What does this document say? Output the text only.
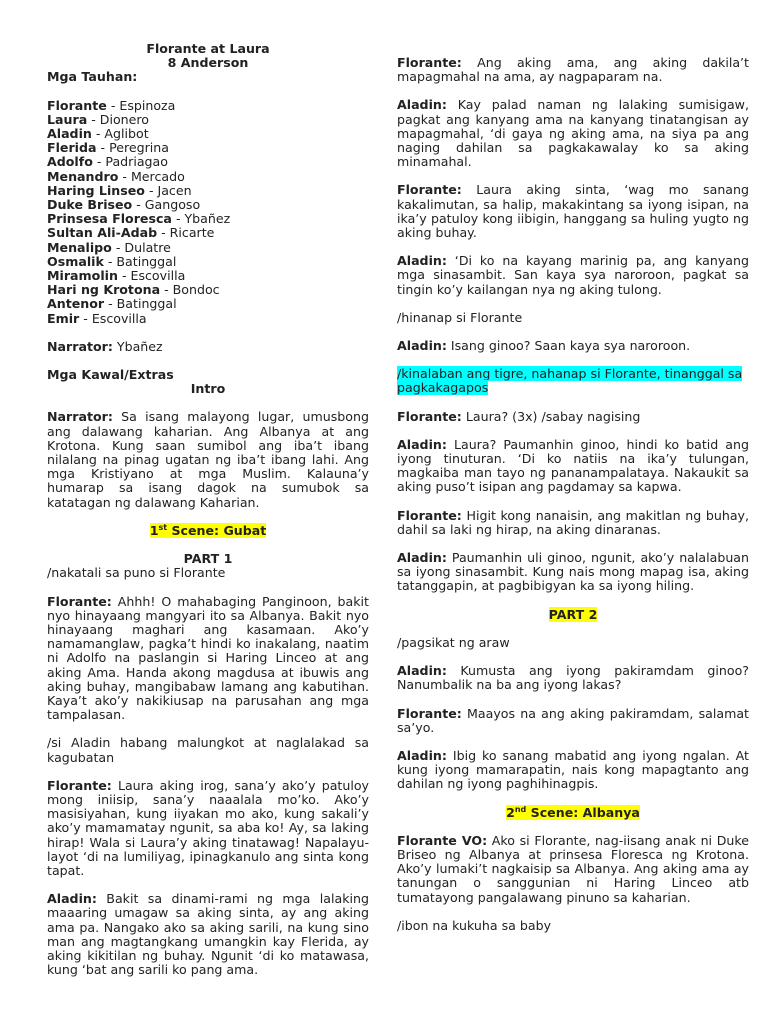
Florante at Laura
8 Anderson
Mga Tauhan:
Florante - Espinoza
Laura - Dionero
Aladin - Aglibot
Flerida - Peregrina
Adolfo - Padriagao
Menandro - Mercado
Haring Linseo - Jacen
Duke Briseo - Gangoso
Prinsesa Floresca - Ybañez
Sultan Ali-Adab - Ricarte
Menalipo - Dulatre
Osmalik - Batinggal
Miramolin - Escovilla
Hari ng Krotona - Bondoc
Antenor - Batinggal
Emir - Escovilla
Narrator: Ybañez
Mga Kawal/Extras
Intro
Narrator: Sa isang malayong lugar, umusbong ang dalawang kaharian. Ang Albanya at ang Krotona. Kung saan sumibol ang iba’t ibang nilalang na pinag ugatan ng iba’t ibang lahi. Ang mga Kristiyano at mga Muslim. Kalauna’y humarap sa isang dagok na sumubok sa katatagan ng dalawang Kaharian.
1st Scene: Gubat
PART 1
/nakatali sa puno si Florante
Florante: Ahhh! O mahabaging Panginoon, bakit nyo hinayaang mangyari ito sa Albanya. Bakit nyo hinayaang maghari ang kasamaan. Ako’y namamanglaw, pagka’t hindi ko inakalang, naatim ni Adolfo na paslangin si Haring Linceo at ang aking Ama. Handa akong magdusa at ibuwis ang aking buhay, mangibabaw lamang ang kabutihan. Kaya’t ako’y nakikiusap na parusahan ang mga tampalasan.
/si Aladin habang malungkot at naglalakad sa kagubatan
Florante: Laura aking irog, sana’y ako’y patuloy mong iniisip, sana’y naaalala mo’ko. Ako’y masisiyahan, kung iiyakan mo ako, kung sakali’y ako’y mamamatay ngunit, sa aba ko! Ay, sa laking hirap! Wala si Laura’y aking tinatawag! Napalayu-layot ‘di na lumiliyag, ipinagkanulo ang sinta kong tapat.
Aladin: Bakit sa dinami-rami ng mga lalaking maaaring umagaw sa aking sinta, ay ang aking ama pa. Nangako ako sa aking sarili, na kung sino man ang magtangkang umangkin kay Flerida, ay aking kikitilan ng buhay. Ngunit ‘di ko matawasa, kung ‘bat ang sarili ko pang ama.
Florante: Ang aking ama, ang aking dakila’t mapagmahal na ama, ay nagpaparam na.
Aladin: Kay palad naman ng lalaking sumisigaw, pagkat ang kanyang ama na kanyang tinatangisan ay mapagmahal, ‘di gaya ng aking ama, na siya pa ang naging dahilan sa pagkakawalay ko sa aking minamahal.
Florante: Laura aking sinta, ‘wag mo sanang kakalimutan, sa halip, makakintang sa iyong isipan, na ika’y patuloy kong iibigin, hanggang sa huling yugto ng aking buhay.
Aladin: ‘Di ko na kayang marinig pa, ang kanyang mga sinasambit. San kaya sya naroroon, pagkat sa tingin ko’y kailangan nya ng aking tulong.
/hinanap si Florante
Aladin: Isang ginoo? Saan kaya sya naroroon.
/kinalaban ang tigre, nahanap si Florante, tinanggal sa pagkakagapos
Florante: Laura? (3x) /sabay nagising
Aladin: Laura? Paumanhin ginoo, hindi ko batid ang iyong tinuturan. ‘Di ko natiis na ika’y tulungan, magkaiba man tayo ng pananampalataya. Nakaukit sa aking puso’t isipan ang pagdamay sa kapwa.
Florante: Higit kong nanaisin, ang makitlan ng buhay, dahil sa laki ng hirap, na aking dinaranas.
Aladin: Paumanhin uli ginoo, ngunit, ako’y nalalabuan sa iyong sinasambit. Kung nais mong mapag isa, aking tatanggapin, at pagbibigyan ka sa iyong hiling.
PART 2
/pagsikat ng araw
Aladin: Kumusta ang iyong pakiramdam ginoo? Nanumbalik na ba ang iyong lakas?
Florante: Maayos na ang aking pakiramdam, salamat sa’yo.
Aladin: Ibig ko sanang mabatid ang iyong ngalan. At kung iyong mamarapatin, nais kong mapagtanto ang dahilan ng iyong paghihinagpis.
2nd Scene: Albanya
Florante VO: Ako si Florante, nag-iisang anak ni Duke Briseo ng Albanya at prinsesa Floresca ng Krotona. Ako’y lumaki’t nagkaisip sa Albanya. Ang aking ama ay tanungan o sanggunian ni Haring Linceo atb tumatayong pangalawang pinuno sa kaharian.
/ibon na kukuha sa baby
